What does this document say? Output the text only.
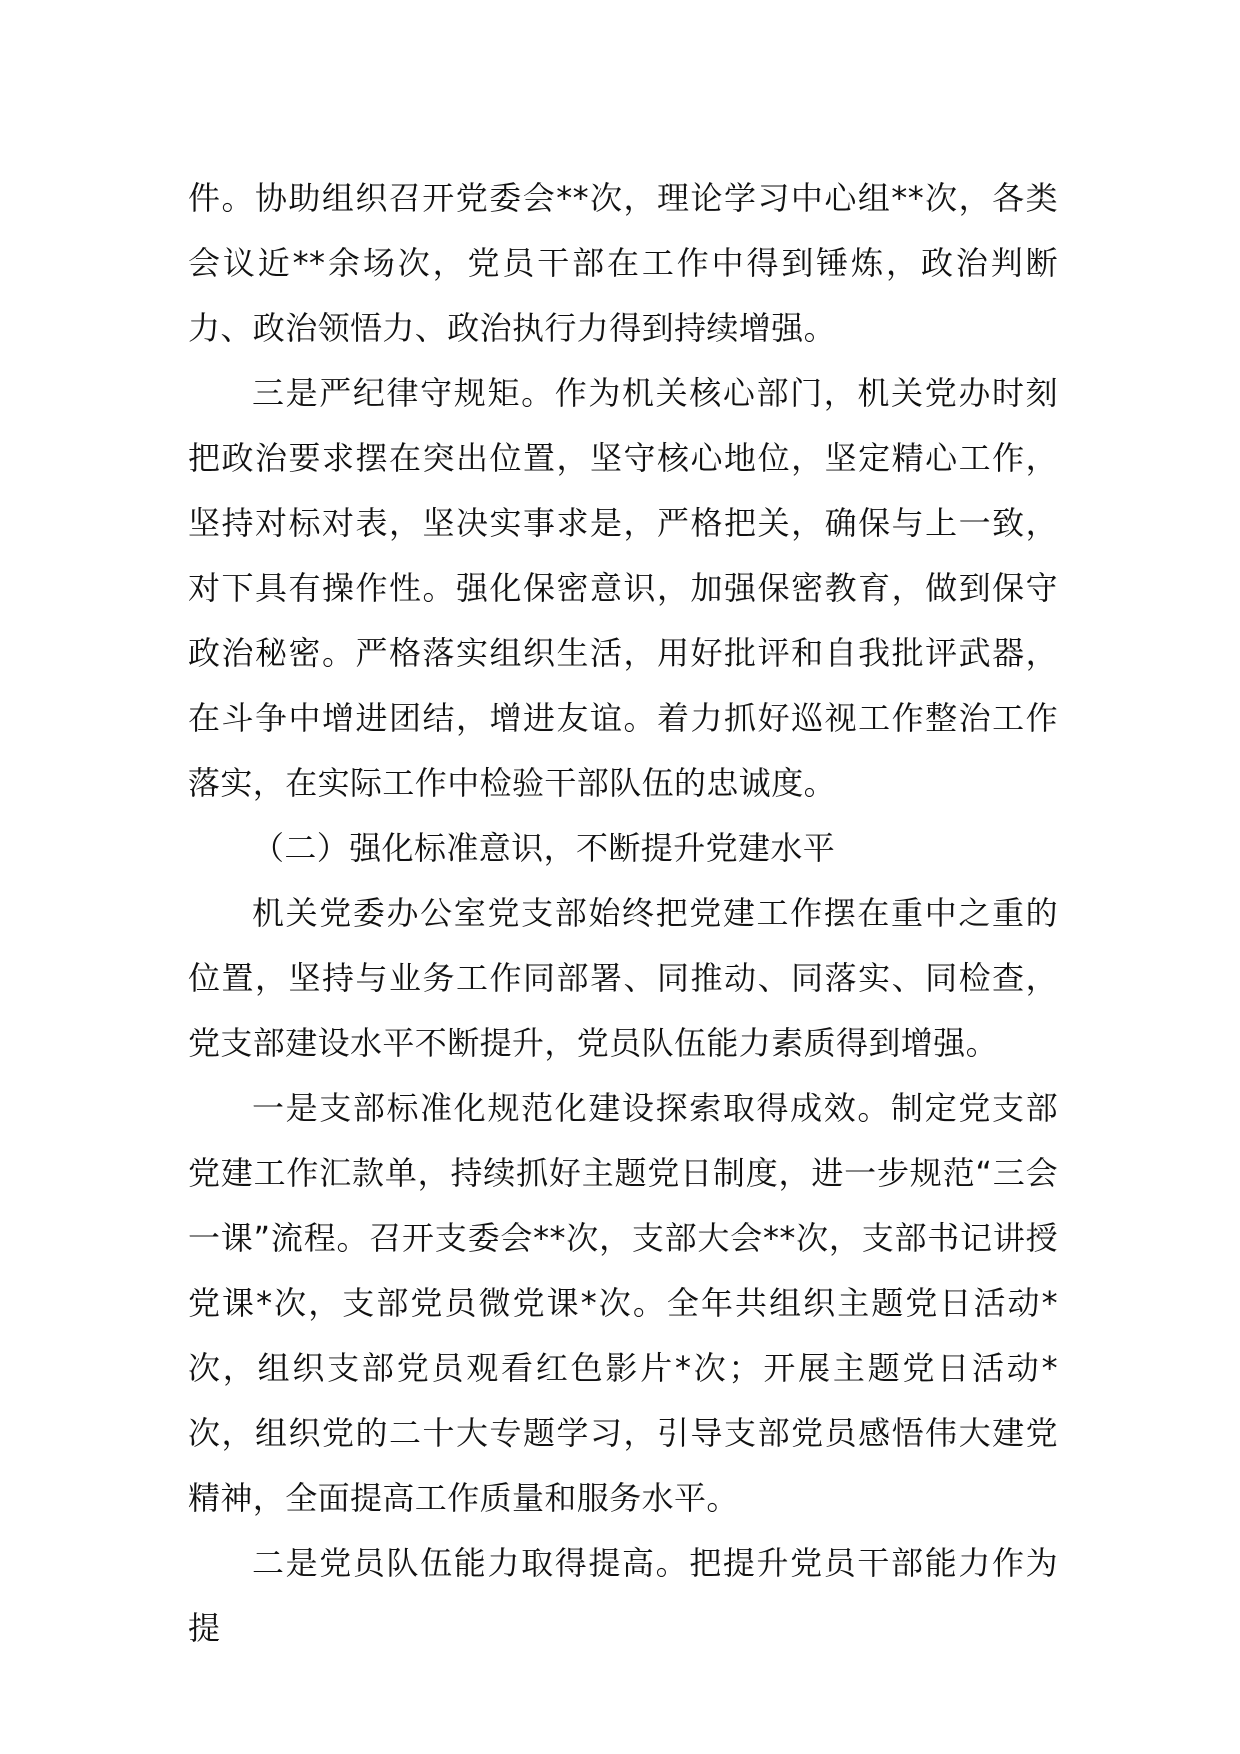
件。协助组织召开党委会**次，理论学习中心组**次，各类会议近**余场次，党员干部在工作中得到锤炼，政治判断力、政治领悟力、政治执行力得到持续增强。

三是严纪律守规矩。作为机关核心部门，机关党办时刻把政治要求摆在突出位置，坚守核心地位，坚定精心工作，坚持对标对表，坚决实事求是，严格把关，确保与上一致，对下具有操作性。强化保密意识，加强保密教育，做到保守政治秘密。严格落实组织生活，用好批评和自我批评武器，在斗争中增进团结，增进友谊。着力抓好巡视工作整治工作落实，在实际工作中检验干部队伍的忠诚度。

（二）强化标准意识，不断提升党建水平

机关党委办公室党支部始终把党建工作摆在重中之重的位置，坚持与业务工作同部署、同推动、同落实、同检查，党支部建设水平不断提升，党员队伍能力素质得到增强。

一是支部标准化规范化建设探索取得成效。制定党支部党建工作汇款单，持续抓好主题党日制度，进一步规范“三会一课”流程。召开支委会**次，支部大会**次，支部书记讲授党课*次，支部党员微党课*次。全年共组织主题党日活动*次，组织支部党员观看红色影片*次；开展主题党日活动*次，组织党的二十大专题学习，引导支部党员感悟伟大建党精神，全面提高工作质量和服务水平。

二是党员队伍能力取得提高。把提升党员干部能力作为提
